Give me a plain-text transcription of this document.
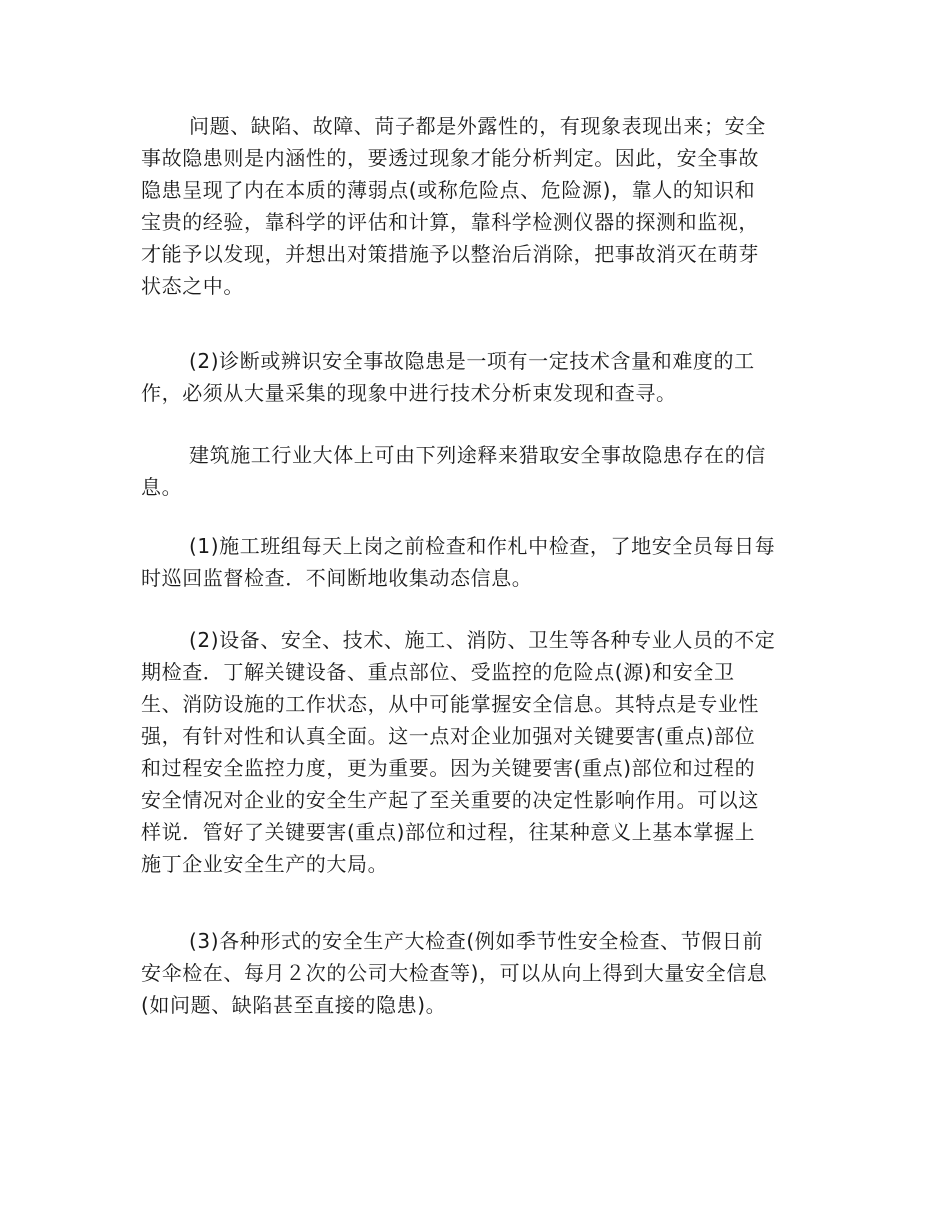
问题、缺陷、故障、苘子都是外露性的，有现象表现出来；安全
事故隐患则是内涵性的，要透过现象才能分析判定。因此，安全事故
隐患呈现了内在本质的薄弱点(或称危险点、危险源)，靠人的知识和
宝贵的经验，靠科学的评估和计算，靠科学检测仪器的探测和监视，
才能予以发现，并想出对策措施予以整治后消除，把事故消灭在萌芽
状态之中。

(2)诊断或辨识安全事故隐患是一项有一定技术含量和难度的工
作，必须从大量采集的现象中进行技术分析束发现和查寻。

建筑施工行业大体上可由下列途释来猎取安全事故隐患存在的信
息。

(1)施工班组每天上岗之前检查和作札中检查，了地安全员每日每
时巡回监督检查．不间断地收集动态信息。

(2)设备、安全、技术、施工、消防、卫生等各种专业人员的不定
期检查．丁解关键设备、重点部位、受监控的危险点(源)和安全卫
生、消防设施的工作状态，从中可能掌握安全信息。其特点是专业性
强，有针对性和认真全面。这一点对企业加强对关键要害(重点)部位
和过程安全监控力度，更为重要。因为关键要害(重点)部位和过程的
安全情况对企业的安全生产起了至关重要的决定性影响作用。可以这
样说．管好了关键要害(重点)部位和过程，往某种意义上基本掌握上
施丁企业安全生产的大局。

(3)各种形式的安全生产大检查(例如季节性安全检查、节假日前
安伞检在、每月２次的公司大检查等)，可以从向上得到大量安全信息
(如问题、缺陷甚至直接的隐患)。
